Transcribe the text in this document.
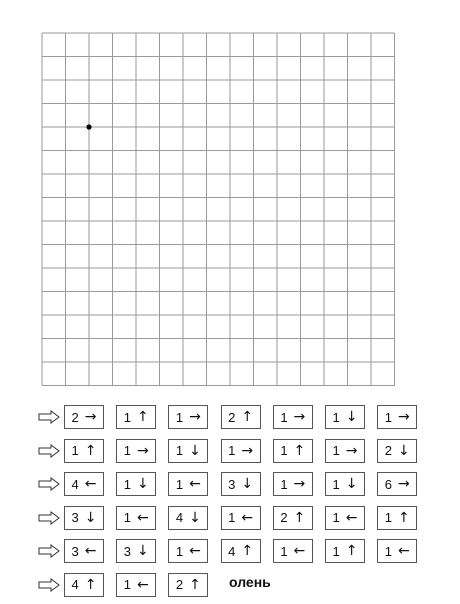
2 → 1 ↑ 1 → 2 ↑ 1 → 1 ↓ 1 →
1 ↑ 1 → 1 ↓ 1 → 1 ↑ 1 → 2 ↓
4 ← 1 ↓ 1 ← 3 ↓ 1 → 1 ↓ 6 →
3 ↓ 1 ← 4 ↓ 1 ← 2 ↑ 1 ← 1 ↑
3 ← 3 ↓ 1 ← 4 ↑ 1 ← 1 ↑ 1 ←
4 ↑ 1 ← 2 ↑ олень
